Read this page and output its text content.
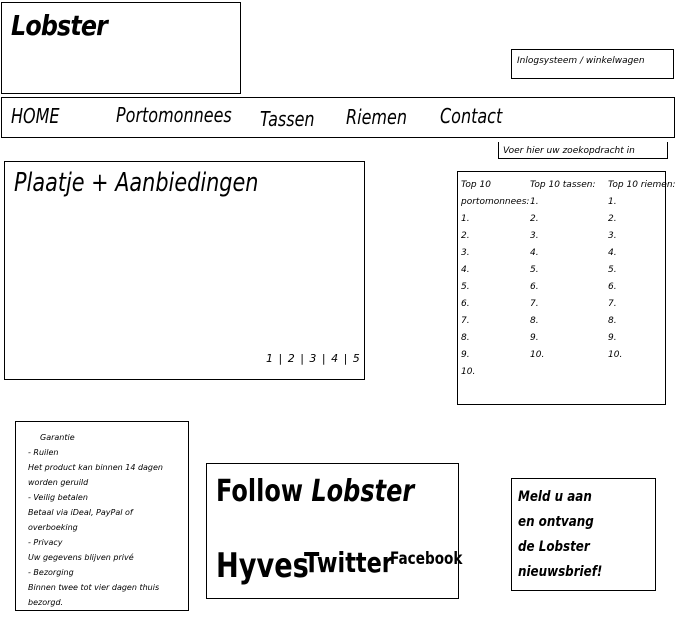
Lobster
Inlogsysteem / winkelwagen
HOME	Portomonnees Tassen Riemen Contact
Voer hier uw zoekopdracht in
Plaatje + Aanbiedingen
1 | 2 | 3 | 4 | 5
Top 10
portomonnees:
1.
2.
3.
4.
5.
6.
7.
8.
9.
10.
Top 10 tassen:
1.
2.
3.
4.
5.
6.
7.
8.
9.
10.
Top 10 riemen:
1.
2.
3.
4.
5.
6.
7.
8.
9.
10.
Garantie
- Ruilen
Het product kan binnen 14 dagen worden geruild
- Veilig betalen
Betaal via iDeal, PayPal of overboeking
- Privacy
Uw gegevens blijven privé
- Bezorging
Binnen twee tot vier dagen thuis bezorgd.
Follow Lobster
Hyves
Twitter
Facebook
Meld u aan en ontvang de Lobster nieuwsbrief!
